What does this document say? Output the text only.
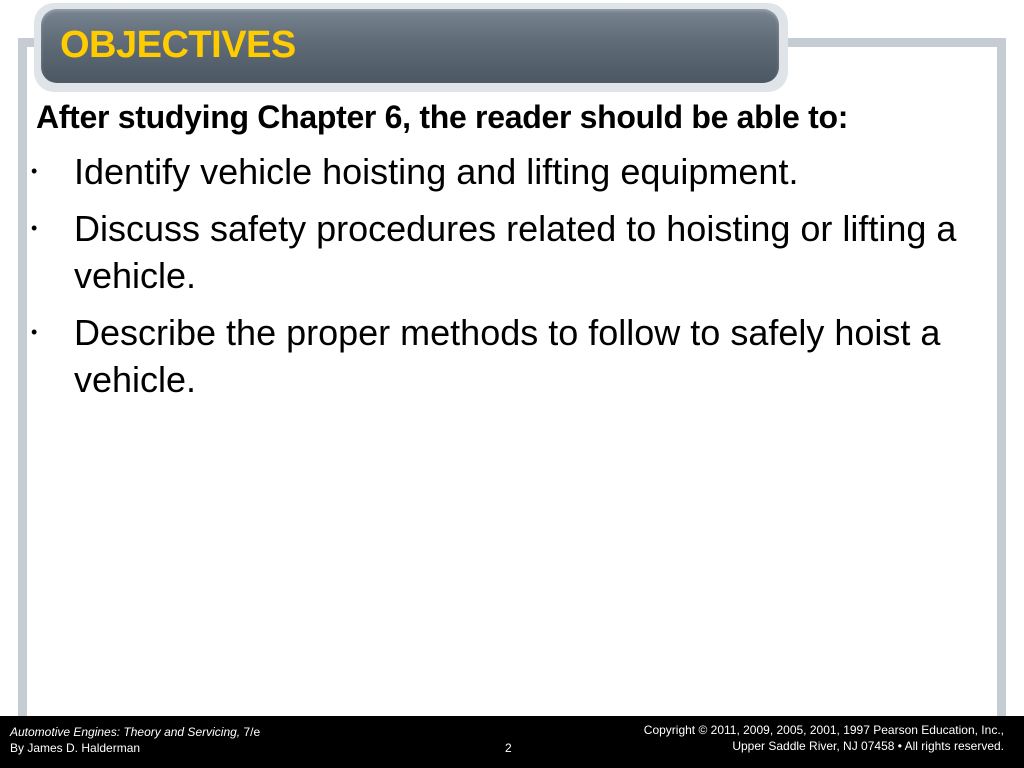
OBJECTIVES
After studying Chapter 6, the reader should be able to:
• Identify vehicle hoisting and lifting equipment.
• Discuss safety procedures related to hoisting or lifting a vehicle.
• Describe the proper methods to follow to safely hoist a vehicle.
Automotive Engines: Theory and Servicing, 7/e
By James D. Halderman	2
Copyright © 2011, 2009, 2005, 2001, 1997 Pearson Education, Inc.,
Upper Saddle River, NJ 07458 • All rights reserved.
